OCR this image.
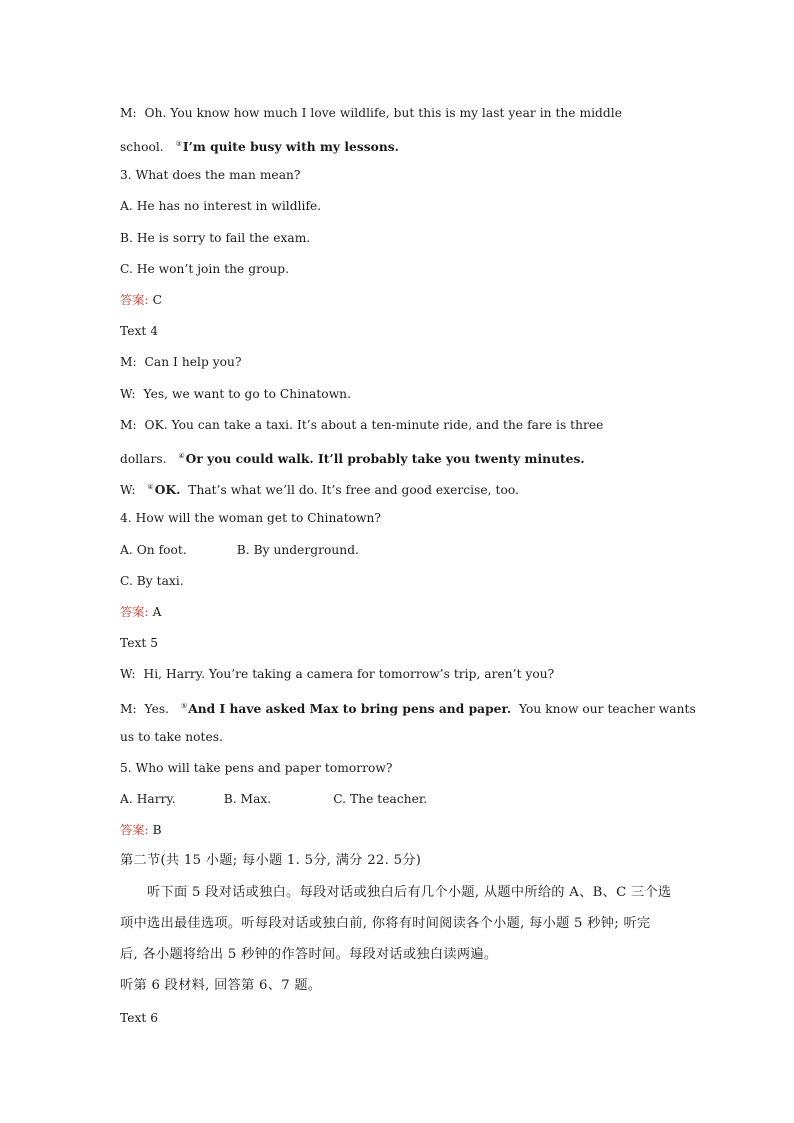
M: Oh. You know how much I love wildlife, but this is my last year in the middle
school. ③I’m quite busy with my lessons.
3. What does the man mean?
A. He has no interest in wildlife.
B. He is sorry to fail the exam.
C. He won’t join the group.
答案: C
Text 4
M: Can I help you?
W: Yes, we want to go to Chinatown.
M: OK. You can take a taxi. It’s about a ten-minute ride, and the fare is three
dollars. ④Or you could walk. It’ll probably take you twenty minutes.
W: ④OK. That’s what we’ll do. It’s free and good exercise, too.
4. How will the woman get to Chinatown?
A. On foot.	B. By underground.
C. By taxi.
答案: A
Text 5
W: Hi, Harry. You’re taking a camera for tomorrow’s trip, aren’t you?
M: Yes. ⑤And I have asked Max to bring pens and paper. You know our teacher wants
us to take notes.
5. Who will take pens and paper tomorrow?
A. Harry.	B. Max.	C. The teacher.
答案: B
第二节(共 15 小题; 每小题 1. 5分, 满分 22. 5分)
听下面 5 段对话或独白。每段对话或独白后有几个小题, 从题中所给的 A、B、C 三个选
项中选出最佳选项。听每段对话或独白前, 你将有时间阅读各个小题, 每小题 5 秒钟; 听完
后, 各小题将给出 5 秒钟的作答时间。每段对话或独白读两遍。
听第 6 段材料, 回答第 6、7 题。
Text 6
